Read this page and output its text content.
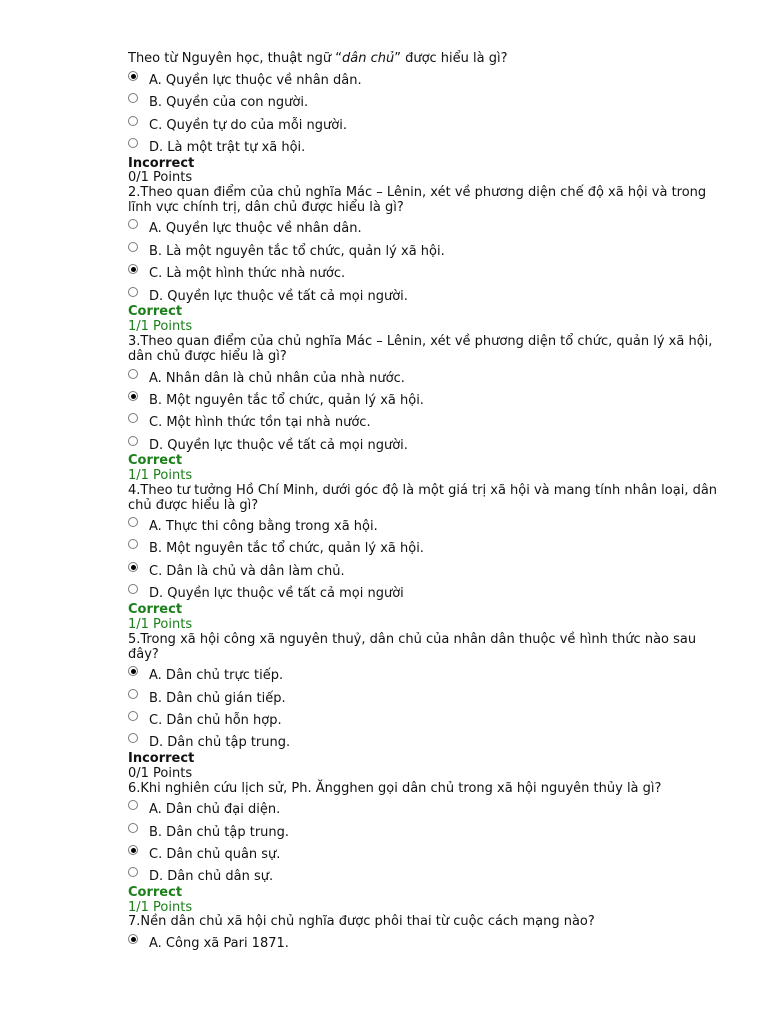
Theo từ Nguyên học, thuật ngữ “dân chủ” được hiểu là gì?
A. Quyền lực thuộc về nhân dân.
B. Quyền của con người.
C. Quyền tự do của mỗi người.
D. Là một trật tự xã hội.
Incorrect
0/1 Points
2.Theo quan điểm của chủ nghĩa Mác – Lênin, xét về phương diện chế độ xã hội và trong lĩnh vực chính trị, dân chủ được hiểu là gì?
A. Quyền lực thuộc về nhân dân.
B. Là một nguyên tắc tổ chức, quản lý xã hội.
C. Là một hình thức nhà nước.
D. Quyền lực thuộc về tất cả mọi người.
Correct
1/1 Points
3.Theo quan điểm của chủ nghĩa Mác – Lênin, xét về phương diện tổ chức, quản lý xã hội, dân chủ được hiểu là gì?
A. Nhân dân là chủ nhân của nhà nước.
B. Một nguyên tắc tổ chức, quản lý xã hội.
C. Một hình thức tồn tại nhà nước.
D. Quyền lực thuộc về tất cả mọi người.
Correct
1/1 Points
4.Theo tư tưởng Hồ Chí Minh, dưới góc độ là một giá trị xã hội và mang tính nhân loại, dân chủ được hiểu là gì?
A. Thực thi công bằng trong xã hội.
B. Một nguyên tắc tổ chức, quản lý xã hội.
C. Dân là chủ và dân làm chủ.
D. Quyền lực thuộc về tất cả mọi người
Correct
1/1 Points
5.Trong xã hội công xã nguyên thuỷ, dân chủ của nhân dân thuộc về hình thức nào sau đây?
A. Dân chủ trực tiếp.
B. Dân chủ gián tiếp.
C. Dân chủ hỗn hợp.
D. Dân chủ tập trung.
Incorrect
0/1 Points
6.Khi nghiên cứu lịch sử, Ph. Ăngghen gọi dân chủ trong xã hội nguyên thủy là gì?
A. Dân chủ đại diện.
B. Dân chủ tập trung.
C. Dân chủ quân sự.
D. Dân chủ dân sự.
Correct
1/1 Points
7.Nền dân chủ xã hội chủ nghĩa được phôi thai từ cuộc cách mạng nào?
A. Công xã Pari 1871.
